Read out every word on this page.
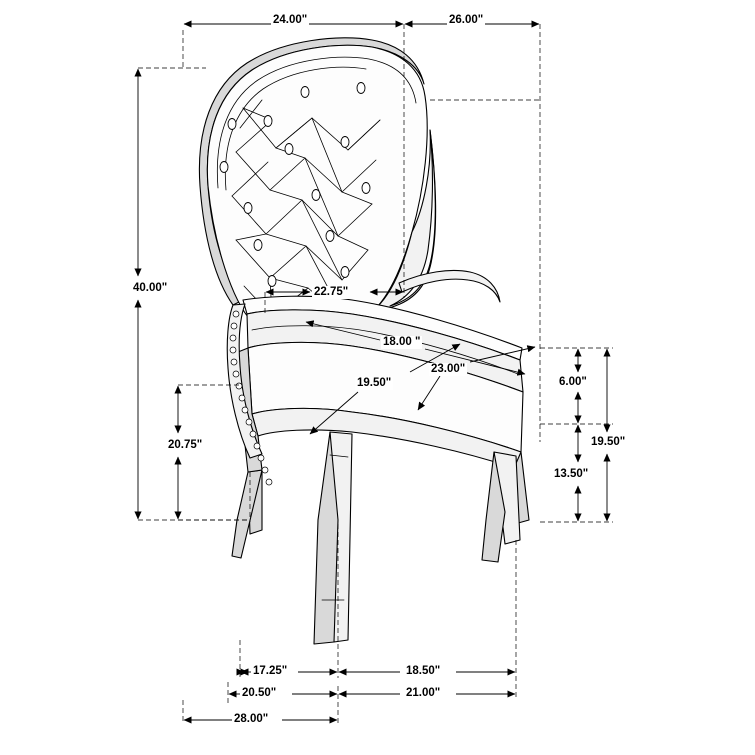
24.00"	26.00"
40.00"	22.75"
18.00 "
23.00"
19.50"
20.75"
6.00"
19.50"
13.50"
17.25"	18.50"
20.50"	21.00"
28.00"
